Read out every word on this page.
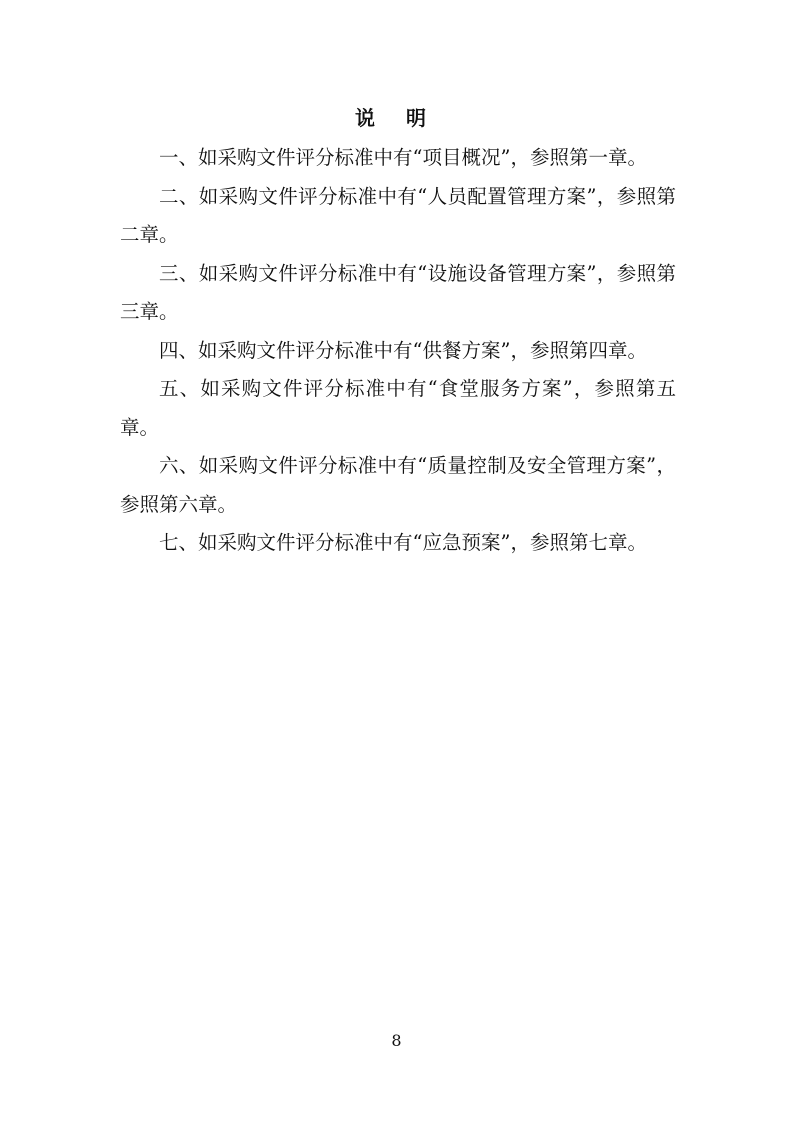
说 明

一、如采购文件评分标准中有“项目概况”，参照第一章。

二、如采购文件评分标准中有“人员配置管理方案”，参照第二章。

三、如采购文件评分标准中有“设施设备管理方案”，参照第三章。

四、如采购文件评分标准中有“供餐方案”，参照第四章。

五、如采购文件评分标准中有“食堂服务方案”，参照第五章。

六、如采购文件评分标准中有“质量控制及安全管理方案”，参照第六章。

七、如采购文件评分标准中有“应急预案”，参照第七章。

8
